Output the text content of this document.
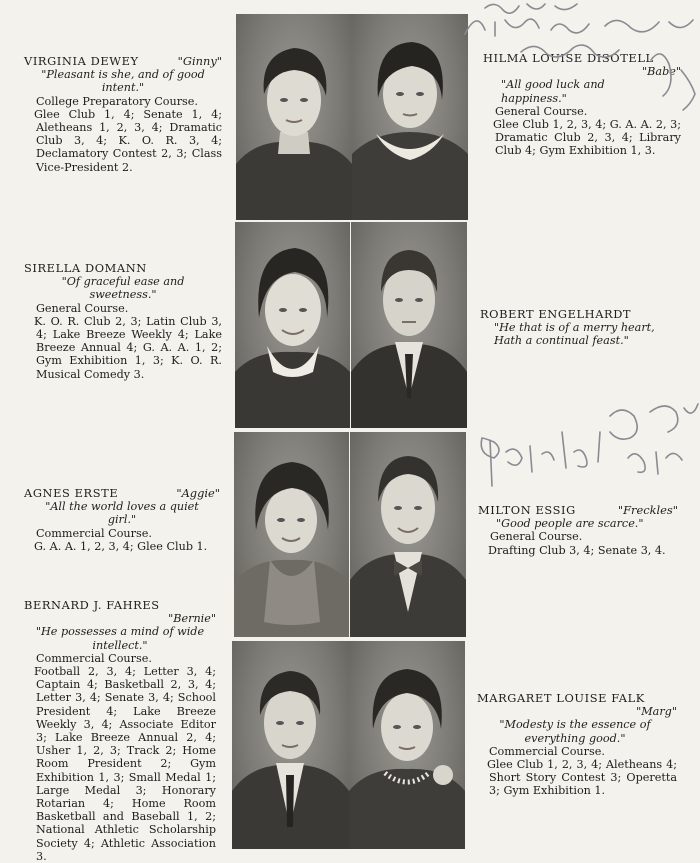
VIRGINIA DEWEY	"Ginny"
"Pleasant is she, and of good intent."
College Preparatory Course.
Glee Club 1, 4; Senate 1, 4; Aletheans 1, 2, 3, 4; Dramatic Club 3, 4; K. O. R. 3, 4; Declamatory Contest 2, 3; Class Vice-President 2.
SIRELLA DOMANN
"Of graceful ease and sweetness."
General Course.
K. O. R. Club 2, 3; Latin Club 3, 4; Lake Breeze Weekly 4; Lake Breeze Annual 4; G. A. A. 1, 2; Gym Exhibition 1, 3; K. O. R. Musical Comedy 3.
AGNES ERSTE	"Aggie"
"All the world loves a quiet girl."
Commercial Course.
G. A. A. 1, 2, 3, 4; Glee Club 1.
BERNARD J. FAHRES
"Bernie"
"He possesses a mind of wide intellect."
Commercial Course.
Football 2, 3, 4; Letter 3, 4; Captain 4; Basketball 2, 3, 4; Letter 3, 4; Senate 3, 4; School President 4; Lake Breeze Weekly 3, 4; Associate Editor 3; Lake Breeze Annual 2, 4; Usher 1, 2, 3; Track 2; Home Room President 2; Gym Exhibition 1, 3; Small Medal 1; Large Medal 3; Honorary Rotarian 4; Home Room Basketball and Baseball 1, 2; National Athletic Scholarship Society 4; Athletic Association 3.
HILMA LOUISE DISOTELL
"Babe"
"All good luck and happiness."
General Course.
Glee Club 1, 2, 3, 4; G. A. A. 2, 3; Dramatic Club 2, 3, 4; Library Club 4; Gym Exhibition 1, 3.
ROBERT ENGELHARDT
"He that is of a merry heart, Hath a continual feast."
MILTON ESSIG	"Freckles"
"Good people are scarce."
General Course.
Drafting Club 3, 4; Senate 3, 4.
MARGARET LOUISE FALK
"Marg"
"Modesty is the essence of everything good."
Commercial Course.
Glee Club 1, 2, 3, 4; Aletheans 4; Short Story Contest 3; Operetta 3; Gym Exhibition 1.
